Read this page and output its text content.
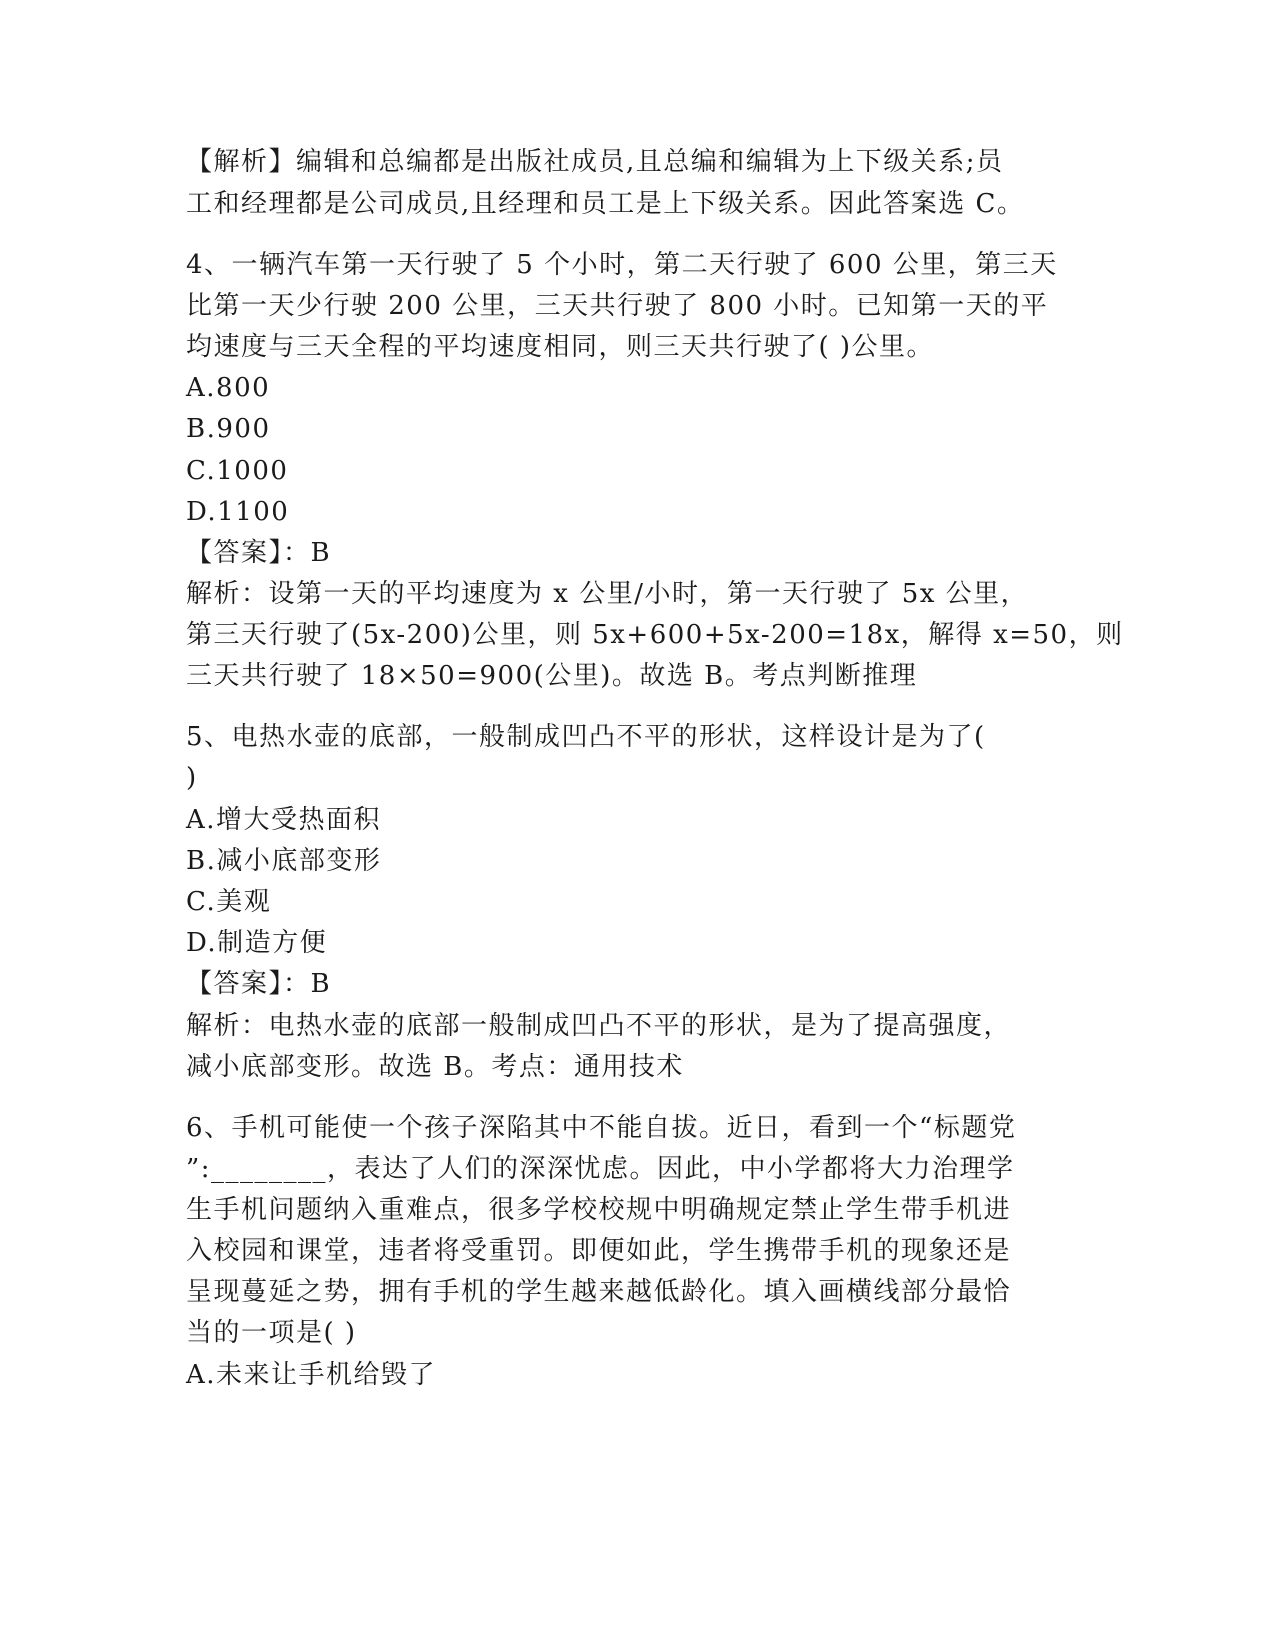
【解析】编辑和总编都是出版社成员,且总编和编辑为上下级关系;员
工和经理都是公司成员,且经理和员工是上下级关系。因此答案选 C。
4、一辆汽车第一天行驶了 5 个小时，第二天行驶了 600 公里，第三天
比第一天少行驶 200 公里，三天共行驶了 800 小时。已知第一天的平
均速度与三天全程的平均速度相同，则三天共行驶了( )公里。
A.800
B.900
C.1000
D.1100
【答案】：B
解析：设第一天的平均速度为 x 公里/小时，第一天行驶了 5x 公里，
第三天行驶了(5x-200)公里，则 5x+600+5x-200=18x，解得 x=50，则
三天共行驶了 18×50=900(公里)。故选 B。考点判断推理
5、电热水壶的底部，一般制成凹凸不平的形状，这样设计是为了(
)
A.增大受热面积
B.减小底部变形
C.美观
D.制造方便
【答案】：B
解析：电热水壶的底部一般制成凹凸不平的形状，是为了提高强度，
减小底部变形。故选 B。考点：通用技术
6、手机可能使一个孩子深陷其中不能自拔。近日，看到一个“标题党
”:________，表达了人们的深深忧虑。因此，中小学都将大力治理学
生手机问题纳入重难点，很多学校校规中明确规定禁止学生带手机进
入校园和课堂，违者将受重罚。即便如此，学生携带手机的现象还是
呈现蔓延之势，拥有手机的学生越来越低龄化。填入画横线部分最恰
当的一项是( )
A.未来让手机给毁了
